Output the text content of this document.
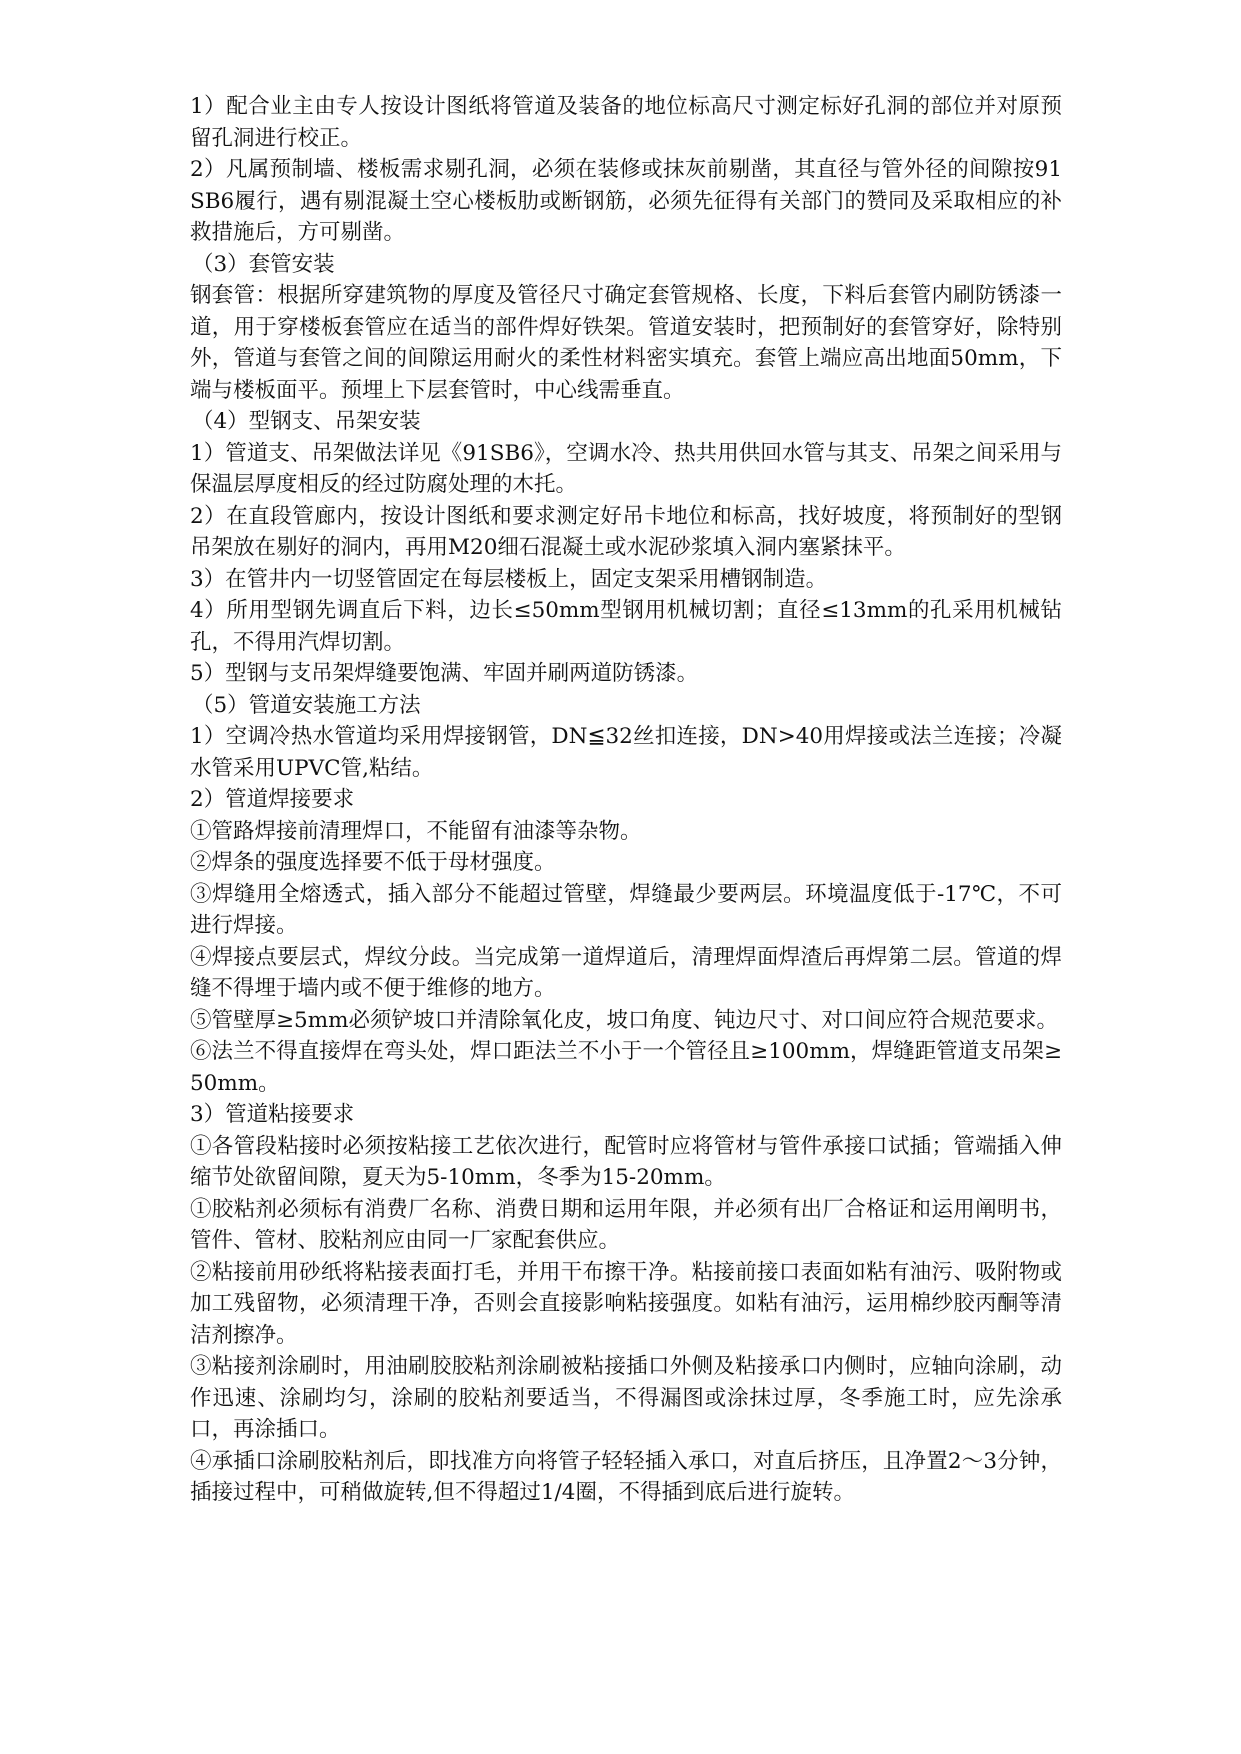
1）配合业主由专人按设计图纸将管道及装备的地位标高尺寸测定标好孔洞的部位并对原预留孔洞进行校正。

2）凡属预制墙、楼板需求剔孔洞，必须在装修或抹灰前剔凿，其直径与管外径的间隙按91SB6履行，遇有剔混凝土空心楼板肋或断钢筋，必须先征得有关部门的赞同及采取相应的补救措施后，方可剔凿。

（3）套管安装

钢套管：根据所穿建筑物的厚度及管径尺寸确定套管规格、长度，下料后套管内刷防锈漆一道，用于穿楼板套管应在适当的部件焊好铁架。管道安装时，把预制好的套管穿好，除特别外，管道与套管之间的间隙运用耐火的柔性材料密实填充。套管上端应高出地面50mm，下端与楼板面平。预埋上下层套管时，中心线需垂直。

（4）型钢支、吊架安装

1）管道支、吊架做法详见《91SB6》，空调水冷、热共用供回水管与其支、吊架之间采用与保温层厚度相反的经过防腐处理的木托。

2）在直段管廊内，按设计图纸和要求测定好吊卡地位和标高，找好坡度，将预制好的型钢吊架放在剔好的洞内，再用M20细石混凝土或水泥砂浆填入洞内塞紧抹平。

3）在管井内一切竖管固定在每层楼板上，固定支架采用槽钢制造。

4）所用型钢先调直后下料，边长≤50mm型钢用机械切割；直径≤13mm的孔采用机械钻孔，不得用汽焊切割。

5）型钢与支吊架焊缝要饱满、牢固并刷两道防锈漆。

（5）管道安装施工方法

1）空调冷热水管道均采用焊接钢管，DN≦32丝扣连接，DN>40用焊接或法兰连接；冷凝水管采用UPVC管,粘结。

2）管道焊接要求

①管路焊接前清理焊口，不能留有油漆等杂物。

②焊条的强度选择要不低于母材强度。

③焊缝用全熔透式，插入部分不能超过管壁，焊缝最少要两层。环境温度低于-17℃，不可进行焊接。

④焊接点要层式，焊纹分歧。当完成第一道焊道后，清理焊面焊渣后再焊第二层。管道的焊缝不得埋于墙内或不便于维修的地方。

⑤管壁厚≥5mm必须铲坡口并清除氧化皮，坡口角度、钝边尺寸、对口间应符合规范要求。

⑥法兰不得直接焊在弯头处，焊口距法兰不小于一个管径且≥100mm，焊缝距管道支吊架≥50mm。

3）管道粘接要求

①各管段粘接时必须按粘接工艺依次进行，配管时应将管材与管件承接口试插；管端插入伸缩节处欲留间隙，夏天为5-10mm，冬季为15-20mm。

①胶粘剂必须标有消费厂名称、消费日期和运用年限，并必须有出厂合格证和运用阐明书，管件、管材、胶粘剂应由同一厂家配套供应。

②粘接前用砂纸将粘接表面打毛，并用干布擦干净。粘接前接口表面如粘有油污、吸附物或加工残留物，必须清理干净，否则会直接影响粘接强度。如粘有油污，运用棉纱胶丙酮等清洁剂擦净。

③粘接剂涂刷时，用油刷胶胶粘剂涂刷被粘接插口外侧及粘接承口内侧时，应轴向涂刷，动作迅速、涂刷均匀，涂刷的胶粘剂要适当，不得漏图或涂抹过厚，冬季施工时，应先涂承口，再涂插口。

④承插口涂刷胶粘剂后，即找准方向将管子轻轻插入承口，对直后挤压，且净置2～3分钟，插接过程中，可稍做旋转,但不得超过1/4圈，不得插到底后进行旋转。
